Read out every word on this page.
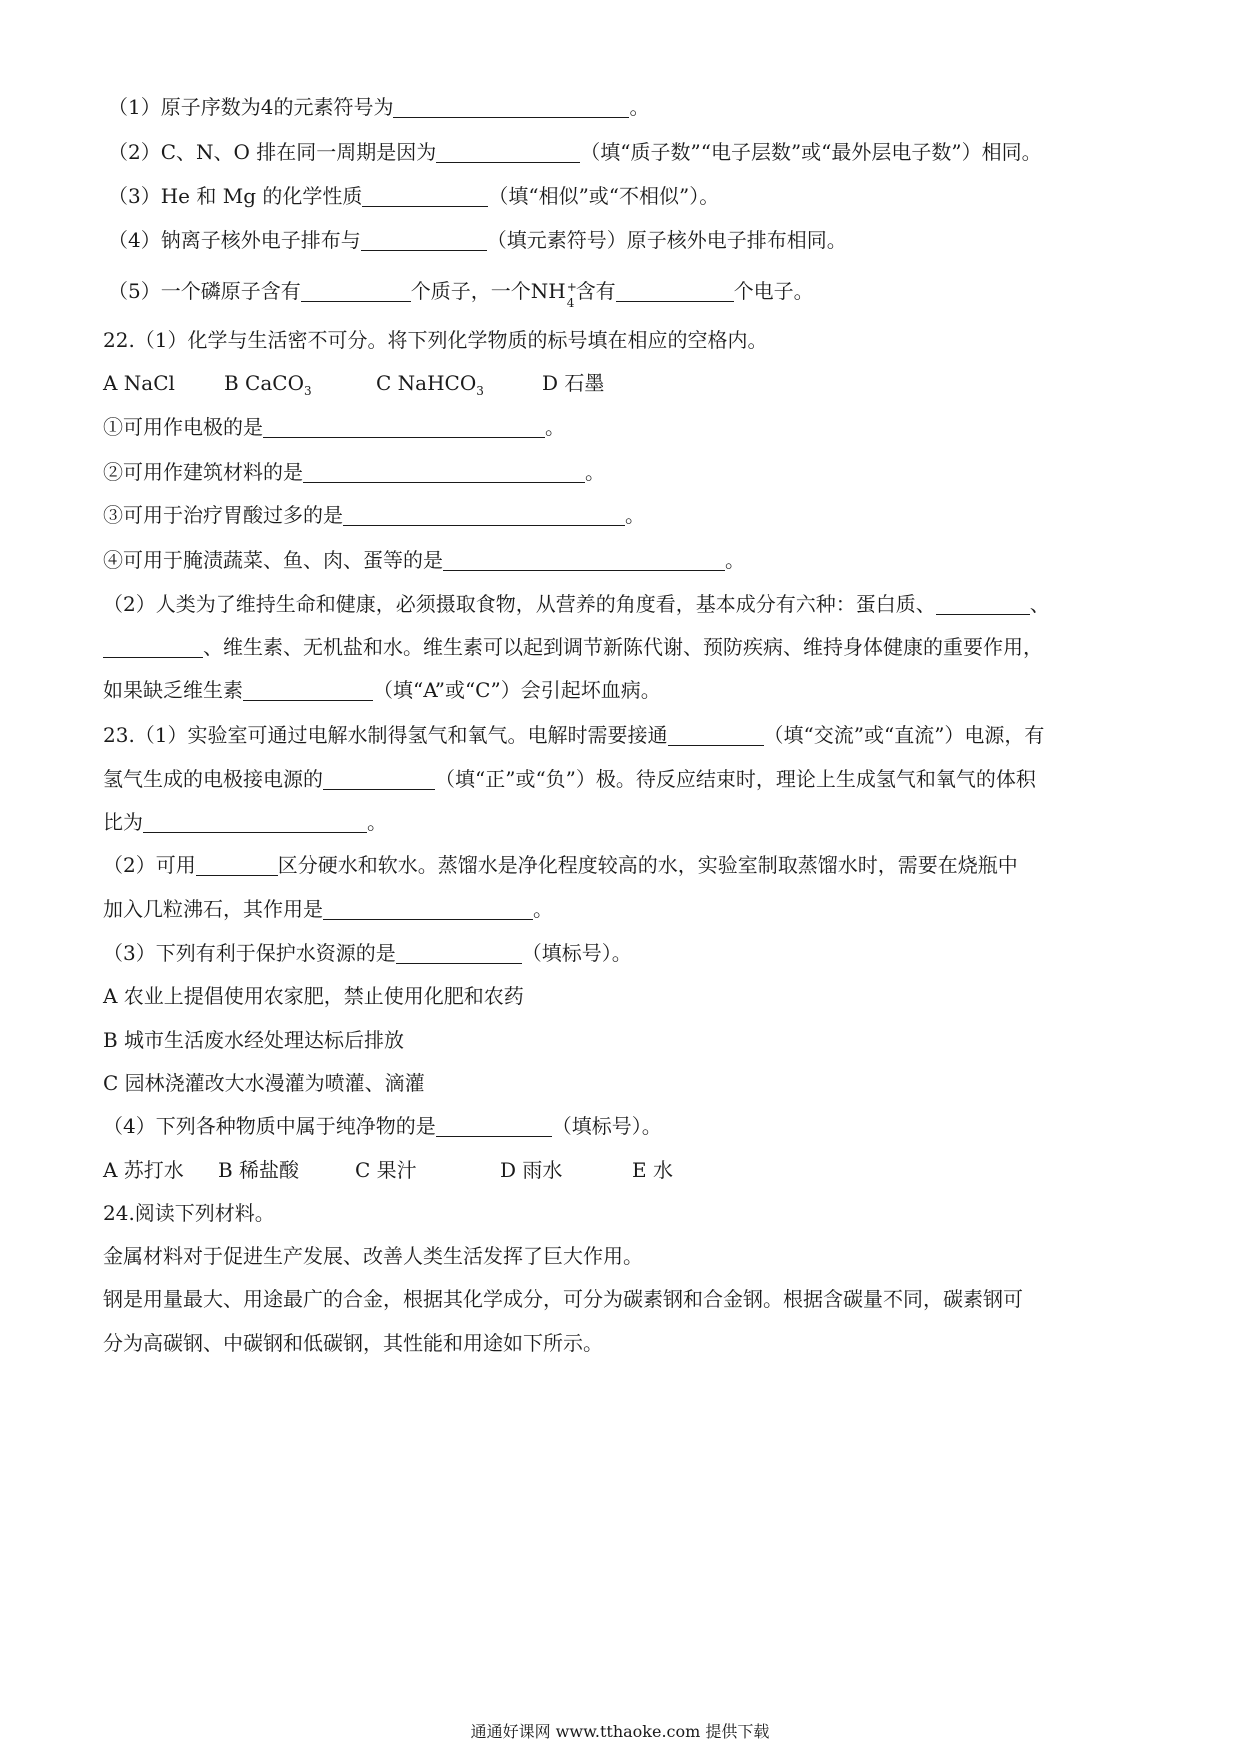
（1）原子序数为4的元素符号为	。
（2）C、N、O 排在同一周期是因为	（填“质子数”“电子层数”或“最外层电子数”）相同。
（3）He 和 Mg 的化学性质	（填“相似”或“不相似”）。
（4）钠离子核外电子排布与	（填元素符号）原子核外电子排布相同。
（5）一个磷原子含有	个质子，一个NH +
4 含有	个电子。
22.（1）化学与生活密不可分。将下列化学物质的标号填在相应的空格内。
A NaCl B CaCO$_3$	C NaHCO$_3$	D 石墨
①可用作电极的是	。
②可用作建筑材料的是	。
③可用于治疗胃酸过多的是	。
④可用于腌渍蔬菜、鱼、肉、蛋等的是	。
（2）人类为了维持生命和健康，必须摄取食物，从营养的角度看，基本成分有六种：蛋白质、	、
、维生素、无机盐和水。维生素可以起到调节新陈代谢、预防疾病、维持身体健康的重要作用，
如果缺乏维生素	（填“A”或“C”）会引起坏血病。
23.（1）实验室可通过电解水制得氢气和氧气。电解时需要接通	（填“交流”或“直流”）电源，有
氢气生成的电极接电源的	（填“正”或“负”）极。待反应结束时，理论上生成氢气和氧气的体积
比为	。
（2）可用	区分硬水和软水。蒸馏水是净化程度较高的水，实验室制取蒸馏水时，需要在烧瓶中
加入几粒沸石，其作用是	。
（3）下列有利于保护水资源的是	（填标号）。
A 农业上提倡使用农家肥，禁止使用化肥和农药
B 城市生活废水经处理达标后排放
C 园林浇灌改大水漫灌为喷灌、滴灌
（4）下列各种物质中属于纯净物的是	（填标号）。
A 苏打水 B 稀盐酸	C 果汁	D 雨水	E 水
24.阅读下列材料。
金属材料对于促进生产发展、改善人类生活发挥了巨大作用。
钢是用量最大、用途最广的合金，根据其化学成分，可分为碳素钢和合金钢。根据含碳量不同，碳素钢可
分为高碳钢、中碳钢和低碳钢，其性能和用途如下所示。
通通好课网 www.tthaoke.com 提供下载
